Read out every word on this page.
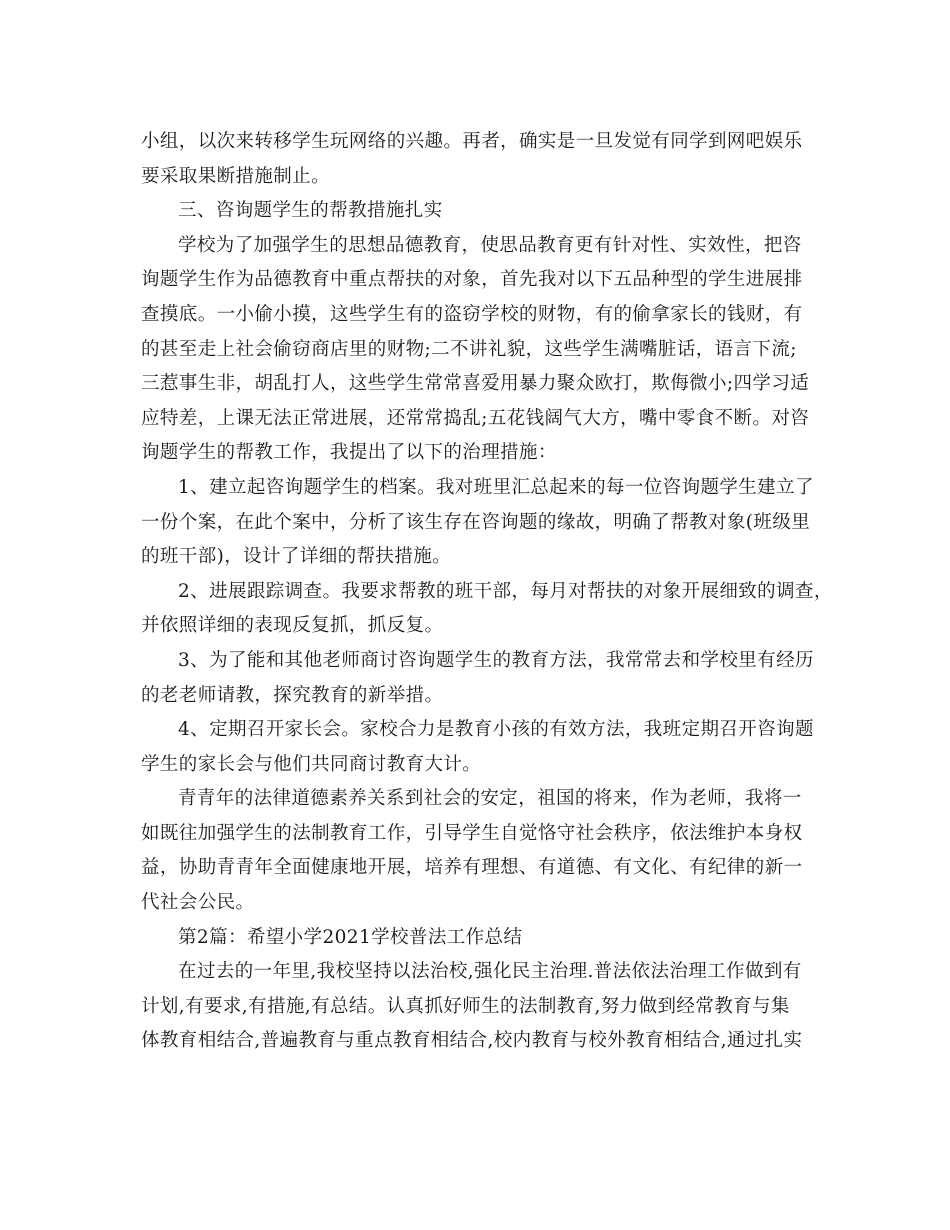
小组，以次来转移学生玩网络的兴趣。再者，确实是一旦发觉有同学到网吧娱乐
要采取果断措施制止。
三、咨询题学生的帮教措施扎实
学校为了加强学生的思想品德教育，使思品教育更有针对性、实效性，把咨
询题学生作为品德教育中重点帮扶的对象，首先我对以下五品种型的学生进展排
查摸底。一小偷小摸，这些学生有的盗窃学校的财物，有的偷拿家长的钱财，有
的甚至走上社会偷窃商店里的财物;二不讲礼貌，这些学生满嘴脏话，语言下流;
三惹事生非，胡乱打人，这些学生常常喜爱用暴力聚众欧打，欺侮微小;四学习适
应特差，上课无法正常进展，还常常捣乱;五花钱阔气大方，嘴中零食不断。对咨
询题学生的帮教工作，我提出了以下的治理措施：
1、建立起咨询题学生的档案。我对班里汇总起来的每一位咨询题学生建立了
一份个案，在此个案中，分析了该生存在咨询题的缘故，明确了帮教对象(班级里
的班干部)，设计了详细的帮扶措施。
2、进展跟踪调查。我要求帮教的班干部，每月对帮扶的对象开展细致的调查，
并依照详细的表现反复抓，抓反复。
3、为了能和其他老师商讨咨询题学生的教育方法，我常常去和学校里有经历
的老老师请教，探究教育的新举措。
4、定期召开家长会。家校合力是教育小孩的有效方法，我班定期召开咨询题
学生的家长会与他们共同商讨教育大计。
青青年的法律道德素养关系到社会的安定，祖国的将来，作为老师，我将一
如既往加强学生的法制教育工作，引导学生自觉恪守社会秩序，依法维护本身权
益，协助青青年全面健康地开展，培养有理想、有道德、有文化、有纪律的新一
代社会公民。
第2篇：希望小学2021学校普法工作总结
在过去的一年里,我校坚持以法治校,强化民主治理.普法依法治理工作做到有
计划,有要求,有措施,有总结。认真抓好师生的法制教育,努力做到经常教育与集
体教育相结合,普遍教育与重点教育相结合,校内教育与校外教育相结合,通过扎实
